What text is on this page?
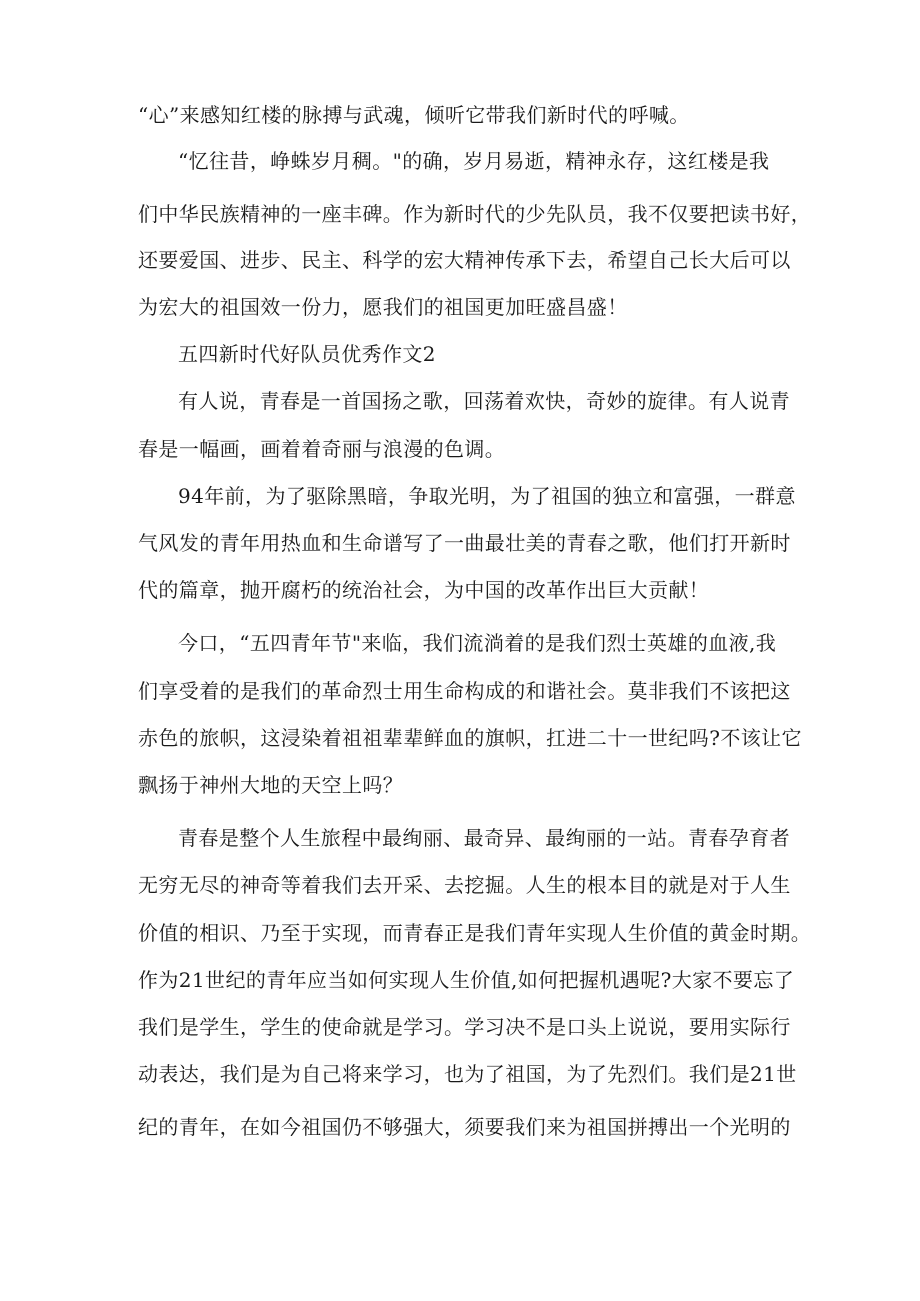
“心”来感知红楼的脉搏与武魂，倾听它带我们新时代的呼喊。
“忆往昔，峥蛛岁月稠。"的确，岁月易逝，精神永存，这红楼是我
们中华民族精神的一座丰碑。作为新时代的少先队员，我不仅要把读书好，
还要爱国、进步、民主、科学的宏大精神传承下去，希望自己长大后可以
为宏大的祖国效一份力，愿我们的祖国更加旺盛昌盛！
五四新时代好队员优秀作文2
有人说，青春是一首国扬之歌，回荡着欢快，奇妙的旋律。有人说青
春是一幅画，画着着奇丽与浪漫的色调。
94年前，为了驱除黑暗，争取光明，为了祖国的独立和富强，一群意
气风发的青年用热血和生命谱写了一曲最壮美的青春之歌，他们打开新时
代的篇章，抛开腐朽的统治社会，为中国的改革作出巨大贡献！
今口，“五四青年节"来临，我们流淌着的是我们烈士英雄的血液,我
们享受着的是我们的革命烈士用生命构成的和谐社会。莫非我们不该把这
赤色的旅帜，这浸染着祖祖辈辈鲜血的旗帜，扛进二十一世纪吗?不该让它
飘扬于神州大地的天空上吗？
青春是整个人生旅程中最绚丽、最奇异、最绚丽的一站。青春孕育者
无穷无尽的神奇等着我们去开采、去挖掘。人生的根本目的就是对于人生
价值的相识、乃至于实现，而青春正是我们青年实现人生价值的黄金时期。
作为21世纪的青年应当如何实现人生价值,如何把握机遇呢?大家不要忘了
我们是学生，学生的使命就是学习。学习决不是口头上说说，要用实际行
动表达，我们是为自己将来学习，也为了祖国，为了先烈们。我们是21世
纪的青年，在如今祖国仍不够强大，须要我们来为祖国拼搏出一个光明的
